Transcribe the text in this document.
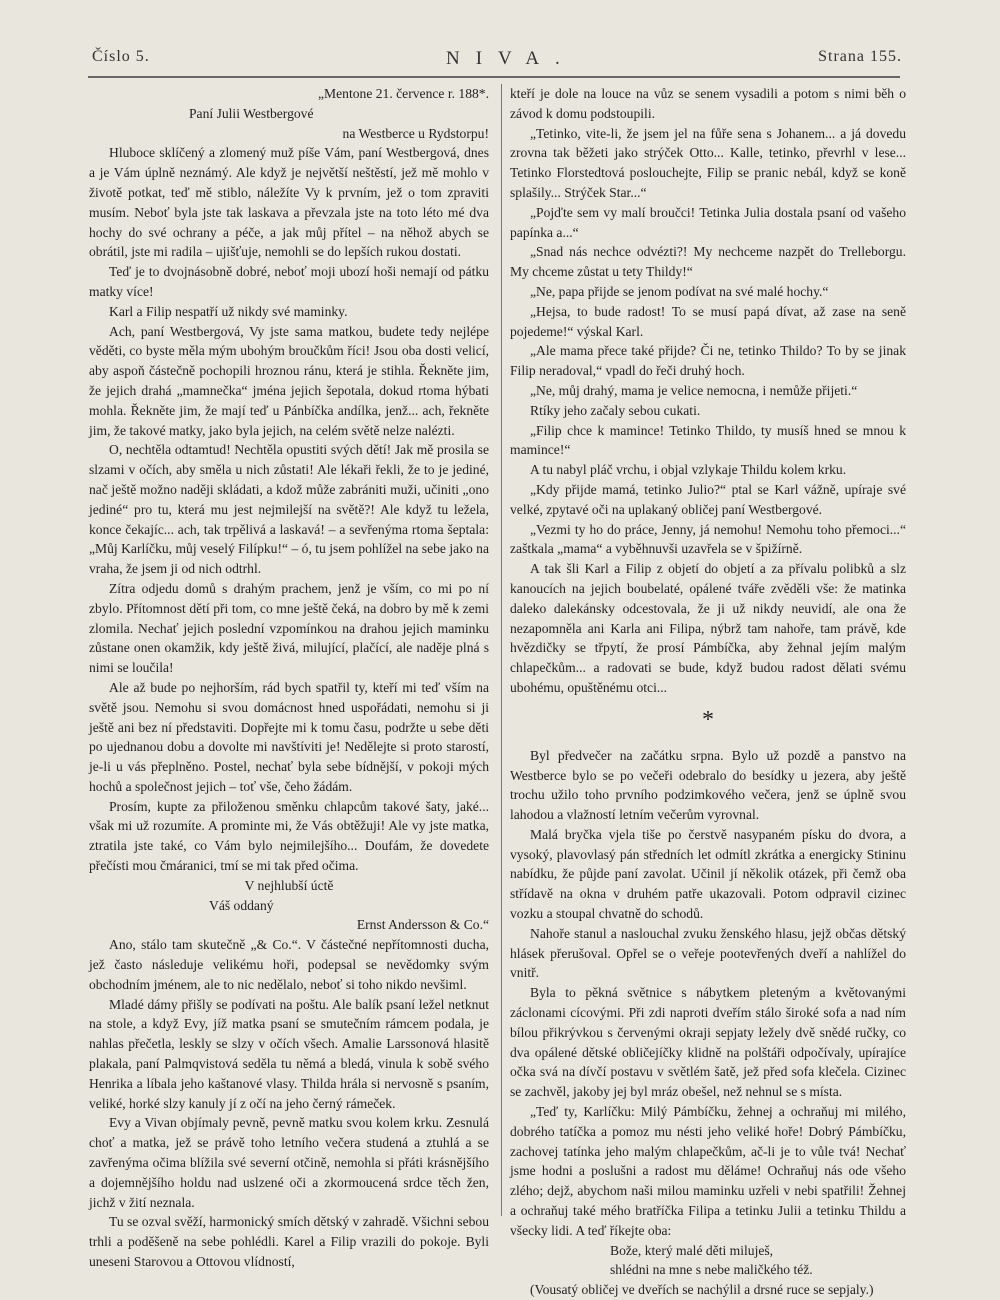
Číslo 5.	NIVA.	Strana 155.

„Mentone 21. července r. 188*.

Paní Julii Westbergové

na Westberce u Rydstorpu!

Hluboce sklíčený a zlomený muž píše Vám, paní Westbergová, dnes a je Vám úplně neznámý. Ale když je největší neštěstí, jež mě mohlo v životě potkat, teď mě stiblo, náležíte Vy k prvním, jež o tom zpraviti musím. Neboť byla jste tak laskava a převzala jste na toto léto mé dva hochy do své ochrany a péče, a jak můj přítel – na něhož abych se obrátil, jste mi radila – ujišťuje, nemohli se do lepších rukou dostati.

Teď je to dvojnásobně dobré, neboť moji ubozí hoši nemají od pátku matky více!

Karl a Filip nespatří už nikdy své maminky.

Ach, paní Westbergová, Vy jste sama matkou, budete tedy nejlépe věděti, co byste měla mým ubohým broučkům říci! Jsou oba dosti velicí, aby aspoň částečně pochopili hroznou ránu, která je stihla. Řekněte jim, že jejich drahá „mamnečka“ jména jejich šepotala, dokud rtoma hýbati mohla. Řekněte jim, že mají teď u Pánbíčka andílka, jenž... ach, řekněte jim, že takové matky, jako byla jejich, na celém světě nelze nalézti.

O, nechtěla odtamtud! Nechtěla opustiti svých dětí! Jak mě prosila se slzami v očích, aby směla u nich zůstati! Ale lékaři řekli, že to je jediné, nač ještě možno naději skládati, a kdož může zabrániti muži, učiniti „ono jediné“ pro tu, která mu jest nejmilejší na světě?! Ale když tu ležela, konce čekajíc... ach, tak trpělivá a laskavá! – a sevřenýma rtoma šeptala: „Můj Karlíčku, můj veselý Filípku!“ – ó, tu jsem pohlížel na sebe jako na vraha, že jsem ji od nich odtrhl.

Zítra odjedu domů s drahým prachem, jenž je vším, co mi po ní zbylo. Přítomnost dětí při tom, co mne ještě čeká, na dobro by mě k zemi zlomila. Nechať jejich poslední vzpomínkou na drahou jejich maminku zůstane onen okamžik, kdy ještě živá, milující, plačící, ale naděje plná s nimi se loučila!

Ale až bude po nejhorším, rád bych spatřil ty, kteří mi teď vším na světě jsou. Nemohu si svou domácnost hned uspořádati, nemohu si ji ještě ani bez ní představiti. Dopřejte mi k tomu času, podržte u sebe děti po ujednanou dobu a dovolte mi navštíviti je! Nedělejte si proto starostí, je-li u vás přeplněno. Postel, nechať byla sebe bídnější, v pokoji mých hochů a společnost jejich – toť vše, čeho žádám.

Prosím, kupte za přiloženou směnku chlapcům takové šaty, jaké... však mi už rozumíte. A prominte mi, že Vás obtěžuji! Ale vy jste matka, ztratila jste také, co Vám bylo nejmilejšího... Doufám, že dovedete přečísti mou čmáranici, tmí se mi tak před očima.

V nejhlubší úctě

Váš oddaný

Ernst Andersson & Co.“

Ano, stálo tam skutečně „& Co.“. V částečné nepřítomnosti ducha, jež často následuje velikému hoři, podepsal se nevědomky svým obchodním jménem, ale to nic nedělalo, neboť si toho nikdo nevšiml.

Mladé dámy přišly se podívati na poštu. Ale balík psaní ležel netknut na stole, a když Evy, jíž matka psaní se smutečním rámcem podala, je nahlas přečetla, leskly se slzy v očích všech. Amalie Larssonová hlasitě plakala, paní Palmqvistová seděla tu němá a bledá, vinula k sobě svého Henrika a líbala jeho kaštanové vlasy. Thilda hrála si nervosně s psaním, veliké, horké slzy kanuly jí z očí na jeho černý rámeček.

Evy a Vivan objímaly pevně, pevně matku svou kolem krku. Zesnulá choť a matka, jež se právě toho letního večera studená a ztuhlá a se zavřenýma očima blížila své severní otčině, nemohla si přáti krásnějšího a dojemnějšího holdu nad uslzené oči a zkormoucená srdce těch žen, jichž v žití neznala.

Tu se ozval svěží, harmonický smích dětský v zahradě. Všichni sebou trhli a poděšeně na sebe pohlédli. Karel a Filip vrazili do pokoje. Byli uneseni Starovou a Ottovou vlídností,

kteří je dole na louce na vůz se senem vysadili a potom s nimi běh o závod k domu podstoupili.

„Tetinko, vite-li, že jsem jel na fůře sena s Johanem... a já dovedu zrovna tak běžeti jako strýček Otto... Kalle, tetinko, převrhl v lese... Tetinko Florstedtová poslouchejte, Filip se pranic nebál, když se koně splašily... Strýček Star...“

„Pojďte sem vy malí broučci! Tetinka Julia dostala psaní od vašeho papínka a...“

„Snad nás nechce odvézti?! My nechceme nazpět do Trelleborgu. My chceme zůstat u tety Thildy!“

„Ne, papa přijde se jenom podívat na své malé hochy.“

„Hejsa, to bude radost! To se musí papá dívat, až zase na seně pojedeme!“ výskal Karl.

„Ale mama přece také přijde? Či ne, tetinko Thildo? To by se jinak Filip neradoval,“ vpadl do řeči druhý hoch.

„Ne, můj drahý, mama je velice nemocna, i nemůže přijeti.“

Rtíky jeho začaly sebou cukati.

„Filip chce k mamince! Tetinko Thildo, ty musíš hned se mnou k mamince!“

A tu nabyl pláč vrchu, i objal vzlykaje Thildu kolem krku.

„Kdy přijde mamá, tetinko Julio?“ ptal se Karl vážně, upíraje své velké, zpytavé oči na uplakaný obličej paní Westbergové.

„Vezmi ty ho do práce, Jenny, já nemohu! Nemohu toho přemoci...“ zaštkala „mama“ a vyběhnuvši uzavřela se v špižírně.

A tak šli Karl a Filip z objetí do objetí a za přívalu polibků a slz kanoucích na jejich boubelaté, opálené tváře zvěděli vše: že matinka daleko dalekánsky odcestovala, že ji už nikdy neuvidí, ale ona že nezapomněla ani Karla ani Filipa, nýbrž tam nahoře, tam právě, kde hvězdičky se třpytí, že prosí Pámbíčka, aby žehnal jejím malým chlapečkům... a radovati se bude, když budou radost dělati svému ubohému, opuštěnému otci...

*

Byl předvečer na začátku srpna. Bylo už pozdě a panstvo na Westberce bylo se po večeři odebralo do besídky u jezera, aby ještě trochu užilo toho prvního podzimkového večera, jenž se úplně svou lahodou a vlažností letním večerům vyrovnal.

Malá bryčka vjela tiše po čerstvě nasypaném písku do dvora, a vysoký, plavovlasý pán středních let odmítl zkrátka a energicky Stininu nabídku, že půjde paní zavolat. Učinil jí několik otázek, při čemž oba střídavě na okna v druhém patře ukazovali. Potom odpravil cizinec vozku a stoupal chvatně do schodů.

Nahoře stanul a naslouchal zvuku ženského hlasu, jejž občas dětský hlásek přerušoval. Opřel se o veřeje pootevřených dveří a nahlížel do vnitř.

Byla to pěkná světnice s nábytkem pleteným a květovanými záclonami cícovými. Při zdi naproti dveřím stálo široké sofa a nad ním bílou přikrývkou s červenými okraji sepjaty ležely dvě snědé ručky, co dva opálené dětské obličejíčky klidně na polštáři odpočívaly, upírajíce očka svá na dívčí postavu v světlém šatě, jež před sofa klečela. Cizinec se zachvěl, jakoby jej byl mráz obešel, než nehnul se s místa.

„Teď ty, Karlíčku: Milý Pámbíčku, žehnej a ochraňuj mi milého, dobrého tatíčka a pomoz mu nésti jeho veliké hoře! Dobrý Pámbíčku, zachovej tatínka jeho malým chlapečkům, ač-li je to vůle tvá! Nechať jsme hodni a poslušni a radost mu děláme! Ochraňuj nás ode všeho zlého; dejž, abychom naši milou maminku uzřeli v nebi spatřili! Žehnej a ochraňuj také mého bratříčka Filipa a tetinku Julii a tetinku Thildu a všecky lidi. A teď říkejte oba:

Bože, který malé děti miluješ,

shlédni na mne s nebe maličkého též.

(Vousatý obličej ve dveřích se nachýlil a drsné ruce se sepjaly.)
